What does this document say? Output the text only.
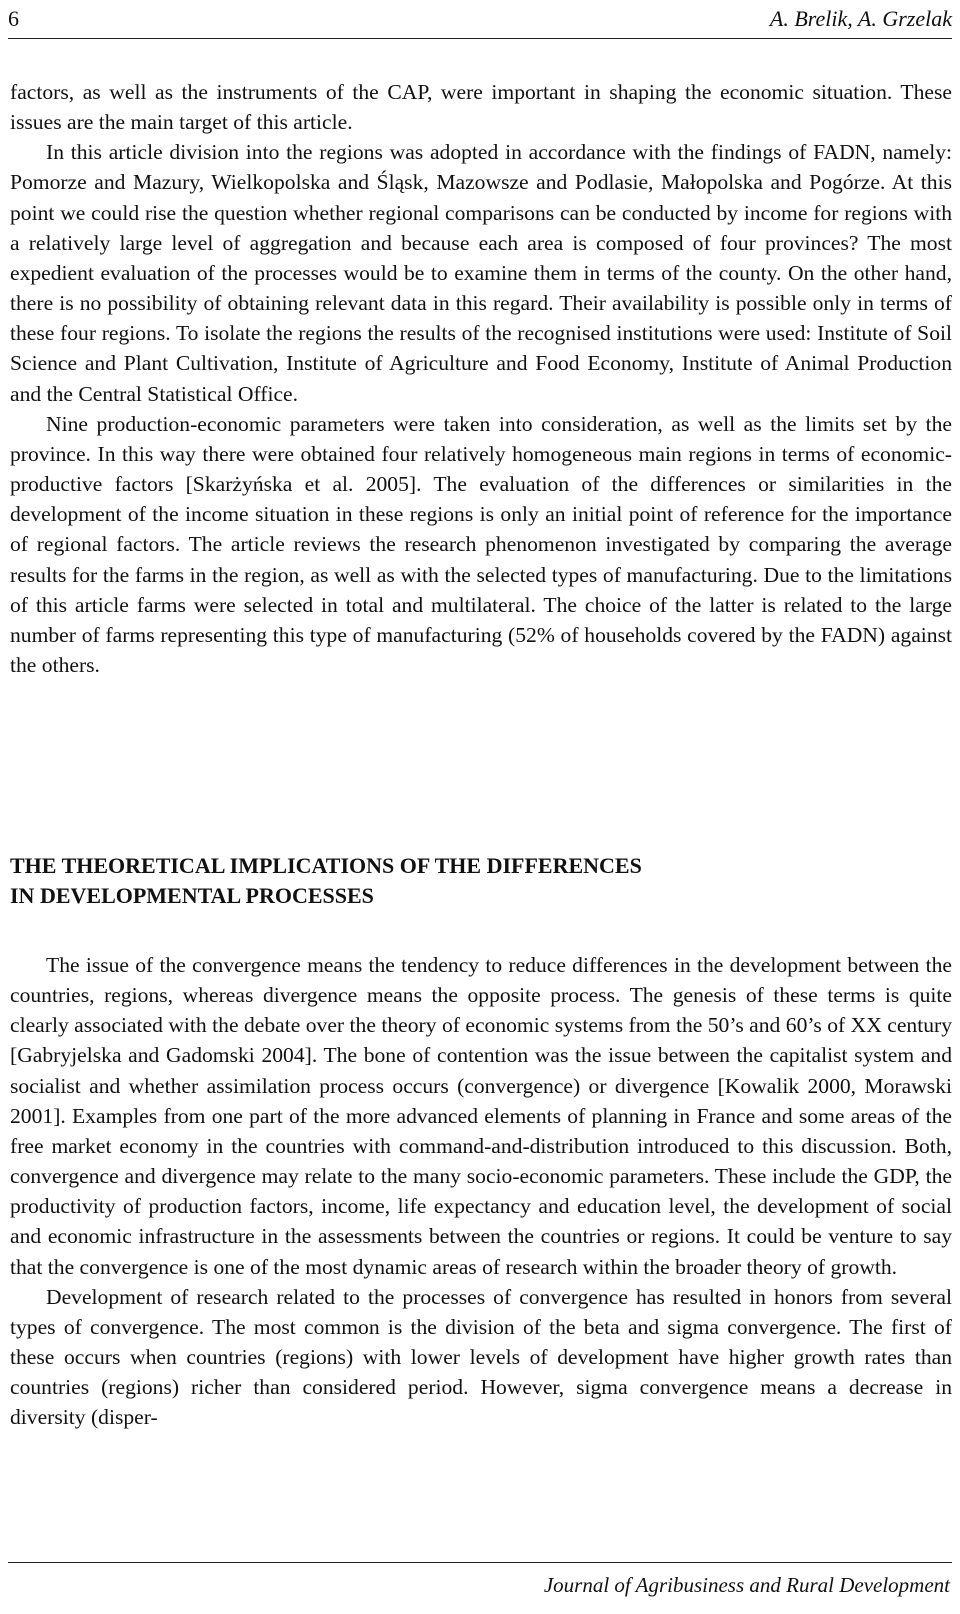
6	A. Brelik, A. Grzelak

factors, as well as the instruments of the CAP, were important in shaping the economic situation. These issues are the main target of this article.

In this article division into the regions was adopted in accordance with the findings of FADN, namely: Pomorze and Mazury, Wielkopolska and Śląsk, Mazowsze and Podlasie, Małopolska and Pogórze. At this point we could rise the question whether regional comparisons can be conducted by income for regions with a relatively large level of aggregation and because each area is composed of four provinces? The most expedient evaluation of the processes would be to examine them in terms of the county. On the other hand, there is no possibility of obtaining relevant data in this regard. Their availability is possible only in terms of these four regions. To isolate the regions the results of the recognised institutions were used: Institute of Soil Science and Plant Cultivation, Institute of Agriculture and Food Economy, Institute of Animal Production and the Central Statistical Office.

Nine production-economic parameters were taken into consideration, as well as the limits set by the province. In this way there were obtained four relatively homogeneous main regions in terms of economic-productive factors [Skarżyńska et al. 2005]. The evaluation of the differences or similarities in the development of the income situation in these regions is only an initial point of reference for the importance of regional factors. The article reviews the research phenomenon investigated by comparing the average results for the farms in the region, as well as with the selected types of manufacturing. Due to the limitations of this article farms were selected in total and multilateral. The choice of the latter is related to the large number of farms representing this type of manufacturing (52% of households covered by the FADN) against the others.

THE THEORETICAL IMPLICATIONS OF THE DIFFERENCES
IN DEVELOPMENTAL PROCESSES

The issue of the convergence means the tendency to reduce differences in the development between the countries, regions, whereas divergence means the opposite process. The genesis of these terms is quite clearly associated with the debate over the theory of economic systems from the 50’s and 60’s of XX century [Gabryjelska and Gadomski 2004]. The bone of contention was the issue between the capitalist system and socialist and whether assimilation process occurs (convergence) or divergence [Kowalik 2000, Morawski 2001]. Examples from one part of the more advanced elements of planning in France and some areas of the free market economy in the countries with command-and-distribution introduced to this discussion. Both, convergence and divergence may relate to the many socio-economic parameters. These include the GDP, the productivity of production factors, income, life expectancy and education level, the development of social and economic infrastructure in the assessments between the countries or regions. It could be venture to say that the convergence is one of the most dynamic areas of research within the broader theory of growth.

Development of research related to the processes of convergence has resulted in honors from several types of convergence. The most common is the division of the beta and sigma convergence. The first of these occurs when countries (regions) with lower levels of development have higher growth rates than countries (regions) richer than considered period. However, sigma convergence means a decrease in diversity (disper-

Journal of Agribusiness and Rural Development
